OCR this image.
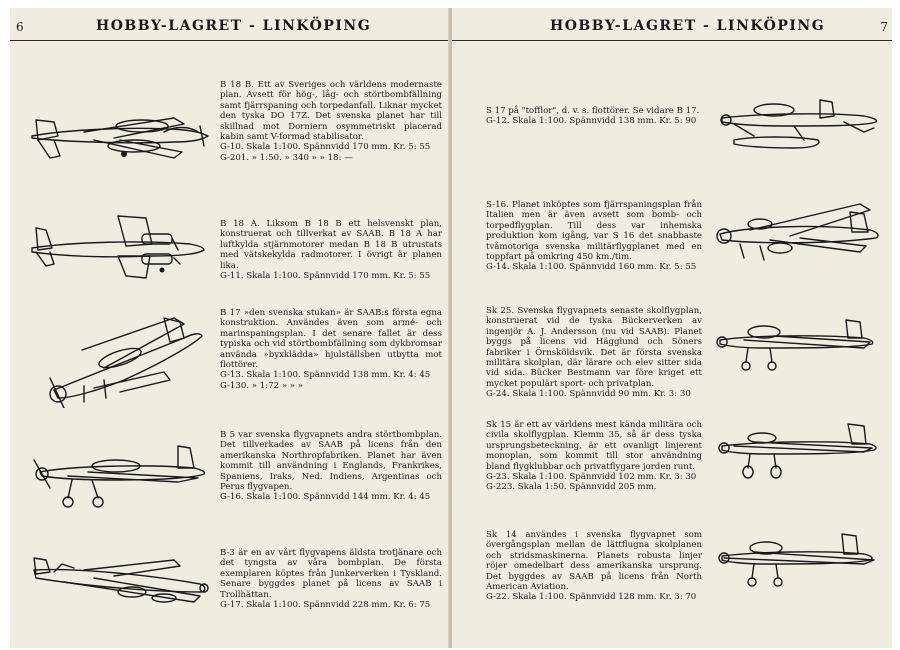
6	HOBBY-LAGRET - LINKÖPING

B 18 B. Ett av Sveriges och världens modernaste plan. Avsett för hög-, låg- och störtbombfällning samt fjärrspaning och torpedanfall. Liknar mycket den tyska DO 17Z. Det svenska planet har till skillnad mot Dorniern osymmetriskt placerad kabin samt V-formad stabilisator.

G-10. Skala 1:100. Spännvidd 170 mm. Kr. 5: 55

G-201. » 1:50. » 340 » » 18: —

B 18 A. Liksom B 18 B ett helsvenskt plan, konstruerat och tillverkat av SAAB. B 18 A har luftkylda stjärnmotorer medan B 18 B utrustats med vätskekylda radmotorer. I övrigt är planen lika.

G-11. Skala 1:100. Spännvidd 170 mm. Kr. 5: 55

B 17 »den svenska stukan» är SAAB:s första egna konstruktion. Användes även som armé- och marinspaningsplan. I det senare fallet är dess typiska och vid störtbombfällning som dykbromsar använda »byxklädda» hjulställsben utbytta mot flottörer.

G-13. Skala 1:100. Spännvidd 138 mm. Kr. 4: 45

G-130. » 1:72 » » »

B 5 var svenska flygvapnets andra störtbombplan. Det tillverkades av SAAB på licens från den amerikanska Northropfabriken. Planet har även kommit till användning i Englands, Frankrikes, Spaniens, Iraks, Ned. Indiens, Argentinas och Perus flygvapen.

G-16. Skala 1:100. Spännvidd 144 mm. Kr. 4: 45

B-3 är en av vårt flygvapens äldsta trotjänare och det tyngsta av våra bombplan. De första exemplaren köptes från Junkerverken i Tyskland. Senare byggdes planet på licens av SAAB i Trollhättan.

G-17. Skala 1:100. Spännvidd 228 mm. Kr. 6: 75

HOBBY-LAGRET - LINKÖPING	7

S 17 på "tofflor", d. v. s. flottörer. Se vidare B 17.

G-12. Skala 1:100. Spännvidd 138 mm. Kr. 5: 90

S-16. Planet inköptes som fjärrspaningsplan från Italien men är även avsett som bomb- och torpedflygplan. Till dess var inhemska produktion kom igång, var S 16 det snabbaste tvåmotoriga svenska militärflygplanet med en toppfart på omkring 450 km./tim.

G-14. Skala 1:100. Spännvidd 160 mm. Kr. 5: 55

Sk 25. Svenska flygvapnets senaste skolflygplan, konstruerat vid de tyska Bückerverken av ingenjör A. J. Andersson (nu vid SAAB). Planet byggs på licens vid Hägglund och Söners fabriker i Örnsköldsvik. Det är första svenska militära skolplan, där lärare och elev sitter sida vid sida. Bücker Bestmann var före kriget ett mycket populärt sport- och privatplan.

G-24. Skala 1:100. Spännvidd 90 mm. Kr. 3: 30

Sk 15 är ett av världens mest kända militära och civila skolflygplan. Klemm 35, så är dess tyska ursprungsbeteckning, är ett ovanligt linjerent monoplan, som kommit till stor användning bland flygklubbar och privatflygare jorden runt.

G-23. Skala 1:100. Spännvidd 102 mm. Kr. 3: 30

G-223. Skala 1:50. Spännvidd 205 mm.

Sk 14 användes i svenska flygvapnet som övergångsplan mellan de lättflugna skolplanen och stridsmaskinerna. Planets robusta linjer röjer omedelbart dess amerikanska ursprung. Det byggdes av SAAB på licens från North American Aviation.

G-22. Skala 1:100. Spännvidd 128 mm. Kr. 3: 70
